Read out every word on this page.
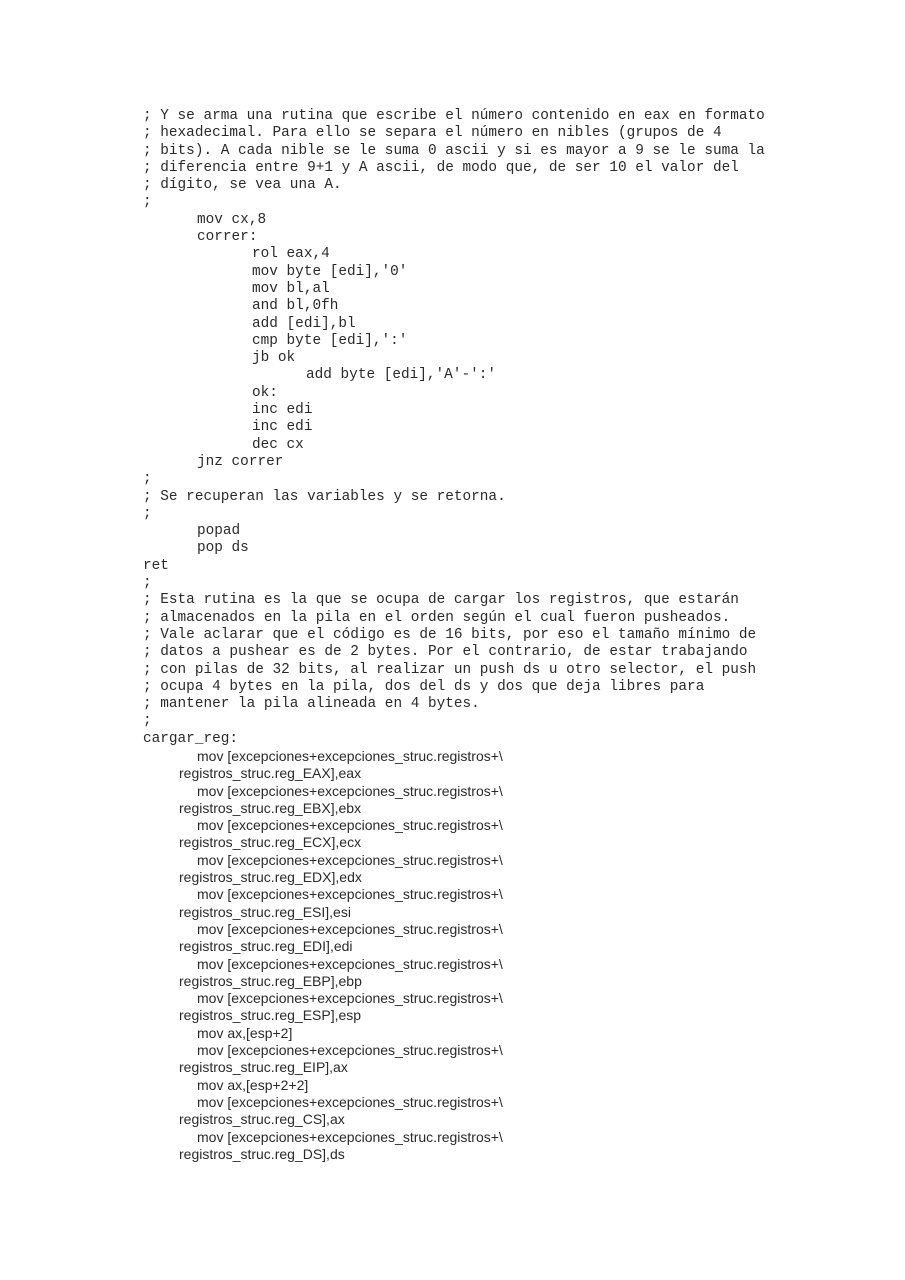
; Y se arma una rutina que escribe el número contenido en eax en formato
; hexadecimal. Para ello se separa el número en nibles (grupos de 4
; bits). A cada nible se le suma 0 ascii y si es mayor a 9 se le suma la
; diferencia entre 9+1 y A ascii, de modo que, de ser 10 el valor del
; dígito, se vea una A.
;
mov cx,8
correr:
rol eax,4
mov byte [edi],'0'
mov bl,al
and bl,0fh
add [edi],bl
cmp byte [edi],':'
jb ok
add byte [edi],'A'-':'
ok:
inc edi
inc edi
dec cx
jnz correr
;
; Se recuperan las variables y se retorna.
;
popad
pop ds
ret
;
; Esta rutina es la que se ocupa de cargar los registros, que estarán
; almacenados en la pila en el orden según el cual fueron pusheados.
; Vale aclarar que el código es de 16 bits, por eso el tamaño mínimo de
; datos a pushear es de 2 bytes. Por el contrario, de estar trabajando
; con pilas de 32 bits, al realizar un push ds u otro selector, el push
; ocupa 4 bytes en la pila, dos del ds y dos que deja libres para
; mantener la pila alineada en 4 bytes.
;
cargar_reg:
mov [excepciones+excepciones_struc.registros+\
registros_struc.reg_EAX],eax
mov [excepciones+excepciones_struc.registros+\
registros_struc.reg_EBX],ebx
mov [excepciones+excepciones_struc.registros+\
registros_struc.reg_ECX],ecx
mov [excepciones+excepciones_struc.registros+\
registros_struc.reg_EDX],edx
mov [excepciones+excepciones_struc.registros+\
registros_struc.reg_ESI],esi
mov [excepciones+excepciones_struc.registros+\
registros_struc.reg_EDI],edi
mov [excepciones+excepciones_struc.registros+\
registros_struc.reg_EBP],ebp
mov [excepciones+excepciones_struc.registros+\
registros_struc.reg_ESP],esp
mov ax,[esp+2]
mov [excepciones+excepciones_struc.registros+\
registros_struc.reg_EIP],ax
mov ax,[esp+2+2]
mov [excepciones+excepciones_struc.registros+\
registros_struc.reg_CS],ax
mov [excepciones+excepciones_struc.registros+\
registros_struc.reg_DS],ds
